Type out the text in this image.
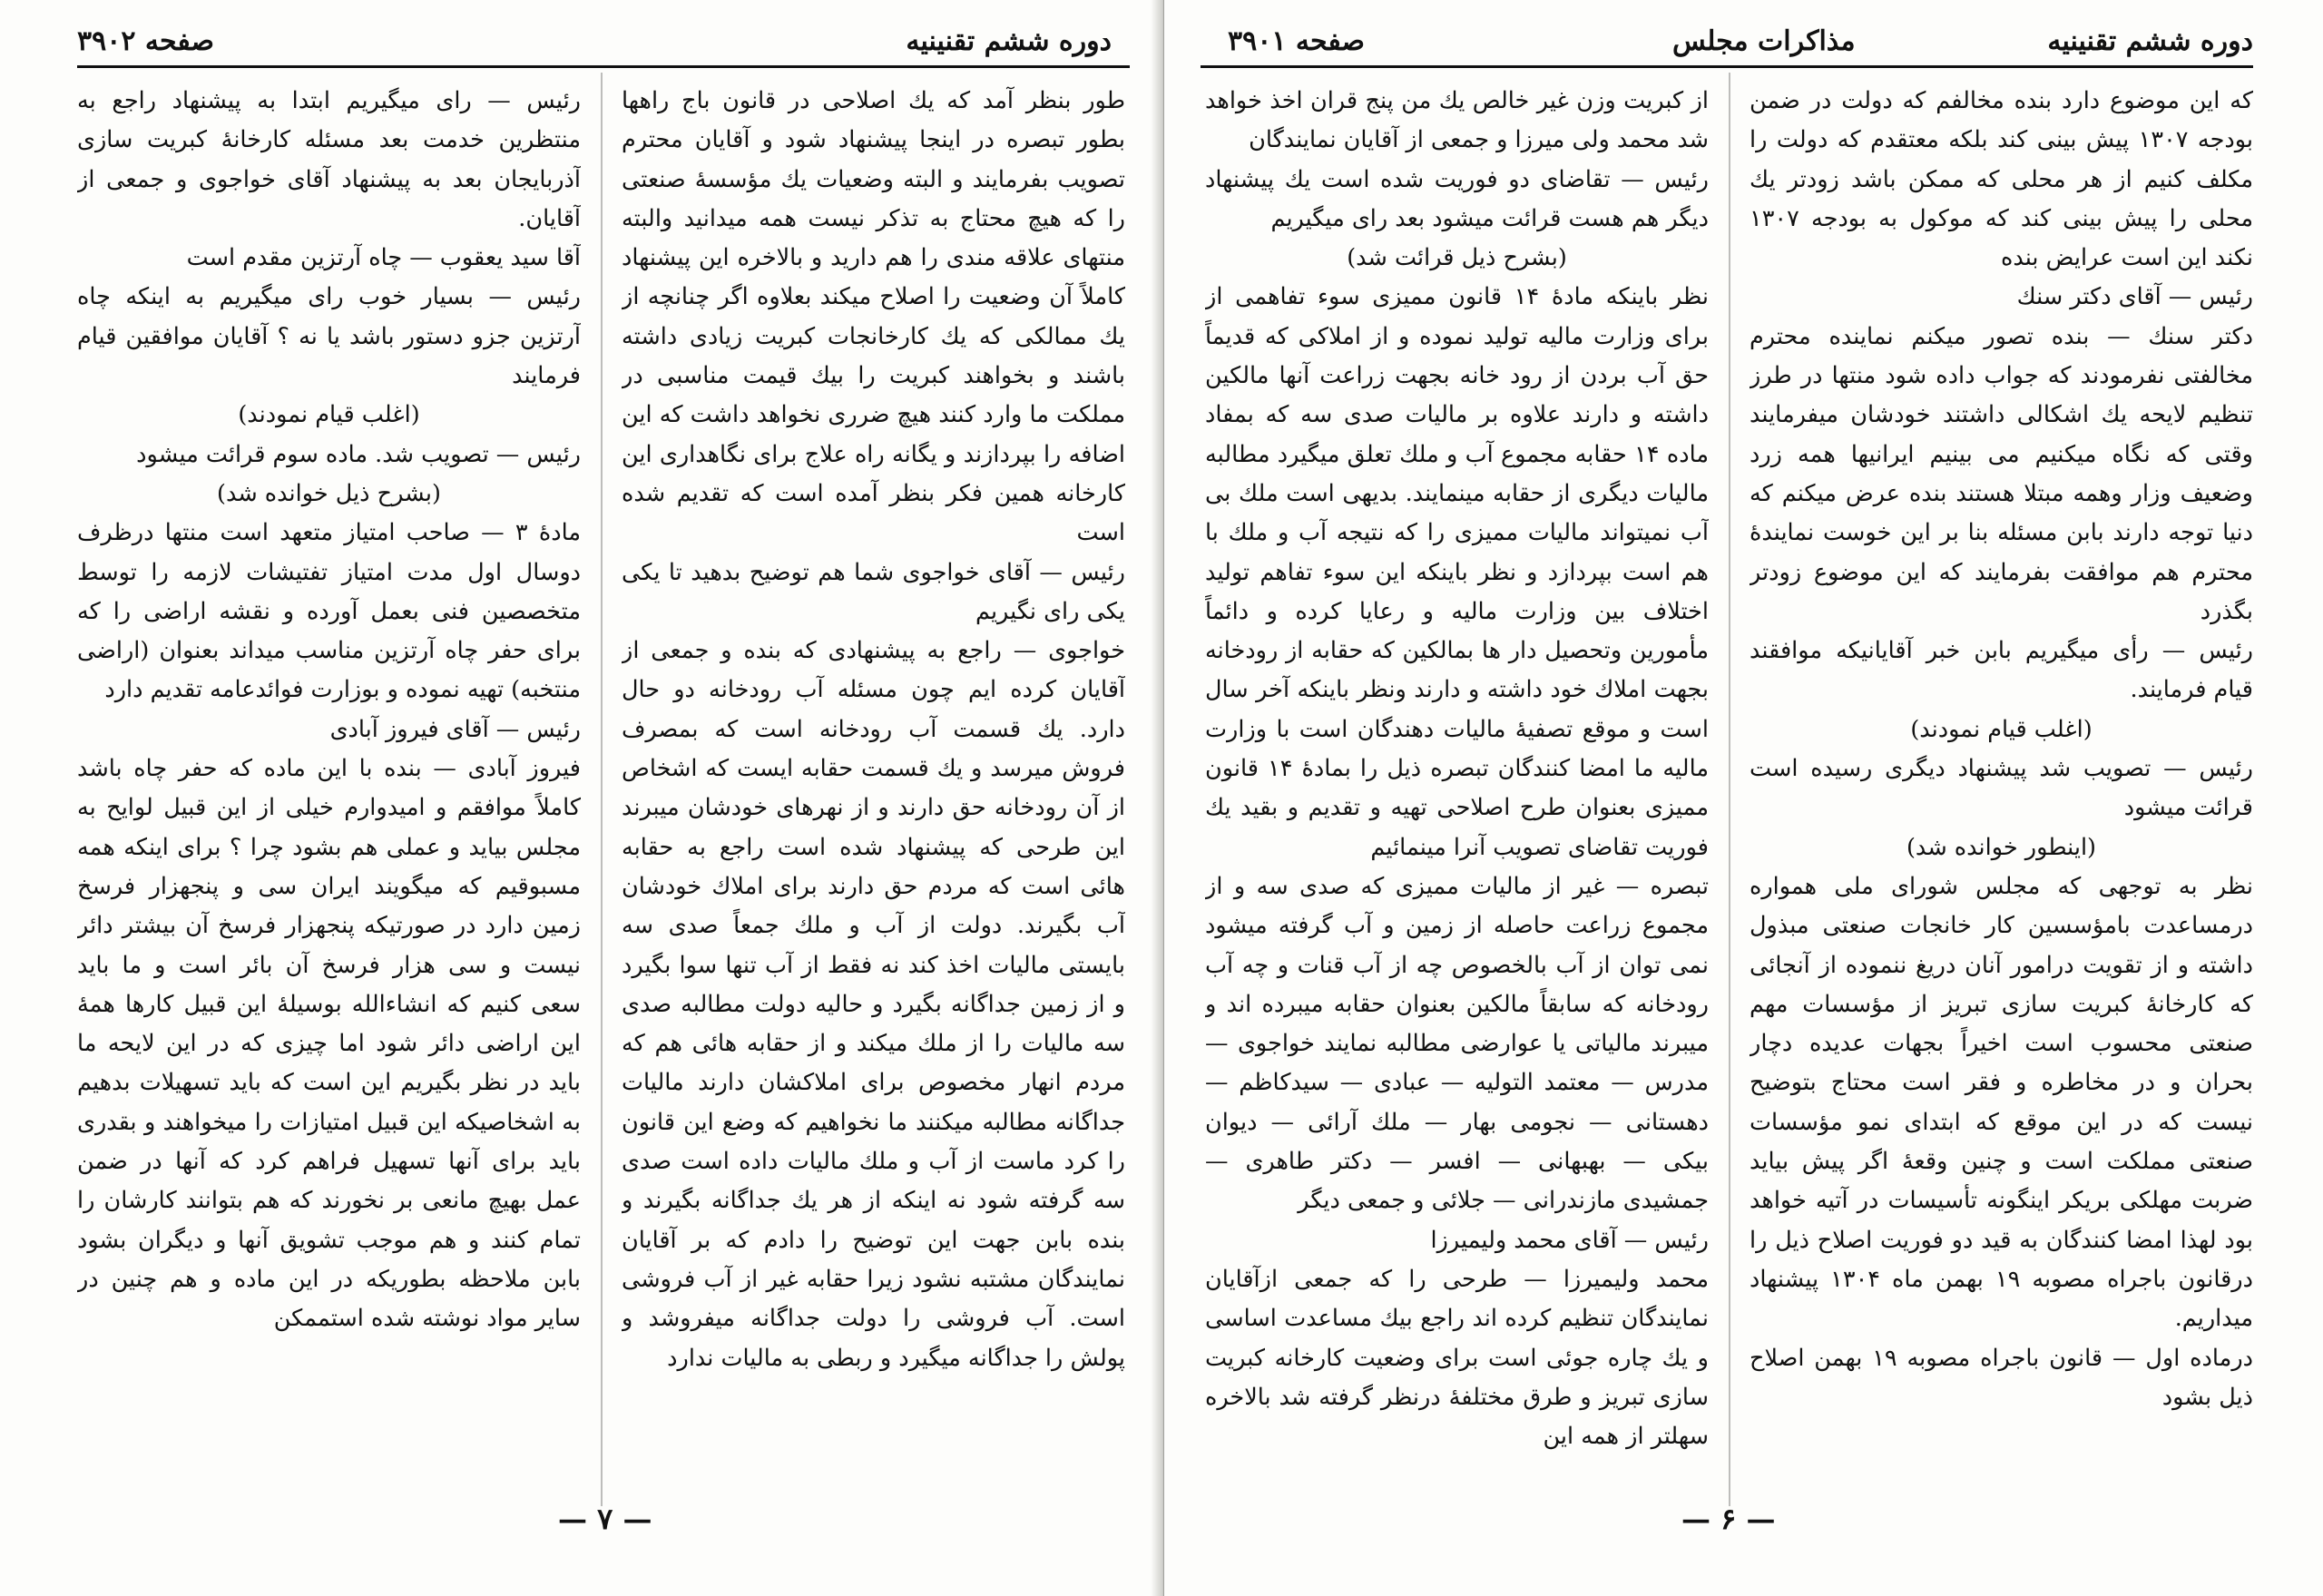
صفحه ۳۹۰۲	دوره ششم تقنینیه

طور بنظر آمد که یك اصلاحی در قانون باج راهها بطور تبصره در اینجا پیشنهاد شود و آقایان محترم تصویب بفرمایند و البته وضعیات یك مؤسسهٔ صنعتی را که هیچ محتاج به تذکر نیست همه میدانید والبته منتهای علاقه مندی را هم دارید و بالاخره این پیشنهاد کاملاً آن وضعیت را اصلاح میکند بعلاوه اگر چنانچه از یك ممالکی که یك کارخانجات کبریت زیادی داشته باشند و بخواهند کبریت را بیك قیمت مناسبی در مملکت ما وارد کنند هیچ ضرری نخواهد داشت که این اضافه را بپردازند و یگانه راه علاج برای نگاهداری این کارخانه همین فکر بنظر آمده است که تقدیم شده است

رئیس — آقای خواجوی شما هم توضیح بدهید تا یکی یکی رای نگیریم

خواجوی — راجع به پیشنهادی که بنده و جمعی از آقایان کرده ایم چون مسئله آب رودخانه دو حال دارد. یك قسمت آب رودخانه است که بمصرف فروش میرسد و یك قسمت حقابه ایست که اشخاص از آن رودخانه حق دارند و از نهرهای خودشان میبرند این طرحی که پیشنهاد شده است راجع به حقابه هائی است که مردم حق دارند برای املاك خودشان آب بگیرند. دولت از آب و ملك جمعاً صدی سه بایستی مالیات اخذ کند نه فقط از آب تنها سوا بگیرد و از زمین جداگانه بگیرد و حالیه دولت مطالبه صدی سه مالیات را از ملك میکند و از حقابه هائی هم که مردم انهار مخصوص برای املاکشان دارند مالیات جداگانه مطالبه میکنند ما نخواهیم که وضع این قانون را کرد ماست از آب و ملك مالیات داده است صدی سه گرفته شود نه اینکه از هر یك جداگانه بگیرند و بنده بابن جهت این توضیح را دادم که بر آقایان نمایندگان مشتبه نشود زیرا حقابه غیر از آب فروشی است. آب فروشی را دولت جداگانه میفروشد و پولش را جداگانه میگیرد و ربطی به مالیات ندارد

رئیس — رای میگیریم ابتدا به پیشنهاد راجع به منتظرین خدمت بعد مسئله کارخانهٔ کبریت سازی آذربایجان بعد به پیشنهاد آقای خواجوی و جمعی از آقایان.

آقا سید یعقوب — چاه آرتزین مقدم است

رئیس — بسیار خوب رای میگیریم به اینکه چاه آرتزین جزو دستور باشد یا نه ؟ آقایان موافقین قیام فرمایند

(اغلب قیام نمودند)

رئیس — تصویب شد. ماده سوم قرائت میشود

(بشرح ذیل خوانده شد)

مادهٔ ۳ — صاحب امتیاز متعهد است منتها درظرف دوسال اول مدت امتیاز تفتیشات لازمه را توسط متخصصین فنی بعمل آورده و نقشه اراضی را که برای حفر چاه آرتزین مناسب میداند بعنوان (اراضی منتخبه) تهیه نموده و بوزارت فوائدعامه تقدیم دارد

رئیس — آقای فیروز آبادی

فیروز آبادی — بنده با این ماده که حفر چاه باشد کاملاً موافقم و امیدوارم خیلی از این قبیل لوایح به مجلس بیاید و عملی هم بشود چرا ؟ برای اینکه همه مسبوقیم که میگویند ایران سی و پنجهزار فرسخ زمین دارد در صورتیکه پنجهزار فرسخ آن بیشتر دائر نیست و سی هزار فرسخ آن بائر است و ما باید سعی کنیم که انشاءالله بوسیلهٔ این قبیل کارها همهٔ این اراضی دائر شود اما چیزی که در این لایحه ما باید در نظر بگیریم این است که باید تسهیلات بدهیم به اشخاصیکه این قبیل امتیازات را میخواهند و بقدری باید برای آنها تسهیل فراهم کرد که آنها در ضمن عمل بهیچ مانعی بر نخورند که هم بتوانند کارشان را تمام کنند و هم موجب تشویق آنها و دیگران بشود بابن ملاحظه بطوریکه در این ماده و هم چنین در سایر مواد نوشته شده استممکن

— ۷ —
صفحه ۳۹۰۱	مذاکرات مجلس	دوره ششم تقنینیه

که این موضوع دارد بنده مخالفم که دولت در ضمن بودجه ۱۳۰۷ پیش بینی کند بلکه معتقدم که دولت را مکلف کنیم از هر محلی که ممکن باشد زودتر یك محلی را پیش بینی کند که موکول به بودجه ۱۳۰۷ نکند این است عرایض بنده

رئیس — آقای دکتر سنك

دکتر سنك — بنده تصور میکنم نماینده محترم مخالفتی نفرمودند که جواب داده شود منتها در طرز تنظیم لایحه یك اشکالی داشتند خودشان میفرمایند وقتی که نگاه میکنیم می بینیم ایرانیها همه زرد وضعیف وزار وهمه مبتلا هستند بنده عرض میکنم که دنیا توجه دارند بابن مسئله بنا بر این خوست نمایندهٔ محترم هم موافقت بفرمایند که این موضوع زودتر بگذرد

رئیس — رأی میگیریم بابن خبر آقایانیکه موافقند قیام فرمایند.

(اغلب قیام نمودند)

رئیس — تصویب شد پیشنهاد دیگری رسیده است قرائت میشود

(اینطور خوانده شد)

نظر به توجهی که مجلس شورای ملی همواره درمساعدت بامؤسسین کار خانجات صنعتی مبذول داشته و از تقویت درامور آنان دریغ ننموده از آنجائی که کارخانهٔ کبریت سازی تبریز از مؤسسات مهم صنعتی محسوب است اخیراً بجهات عدیده دچار بحران و در مخاطره و فقر است محتاج بتوضیح نیست که در این موقع که ابتدای نمو مؤسسات صنعتی مملکت است و چنین وقعهٔ اگر پیش بیاید ضربت مهلکی بریکر اینگونه تأسیسات در آتیه خواهد بود لهذا امضا کنندگان به قید دو فوریت اصلاح ذیل را درقانون باجراه مصوبه ۱۹ بهمن ماه ۱۳۰۴ پیشنهاد میداریم.

درماده اول — قانون باجراه مصوبه ۱۹ بهمن اصلاح ذیل بشود

از کبریت وزن غیر خالص یك من پنج قران اخذ خواهد شد محمد ولی میرزا و جمعی از آقایان نمایندگان

رئیس — تقاضای دو فوریت شده است یك پیشنهاد دیگر هم هست قرائت میشود بعد رای میگیریم

(بشرح ذیل قرائت شد)

نظر باینکه مادهٔ ۱۴ قانون ممیزی سوء تفاهمی از برای وزارت مالیه تولید نموده و از املاکی که قدیماً حق آب بردن از رود خانه بجهت زراعت آنها مالکین داشته و دارند علاوه بر مالیات صدی سه که بمفاد ماده ۱۴ حقابه مجموع آب و ملك تعلق میگیرد مطالبه مالیات دیگری از حقابه مینمایند. بدیهی است ملك بی آب نمیتواند مالیات ممیزی را که نتیجه آب و ملك با هم است بپردازد و نظر باینکه این سوء تفاهم تولید اختلاف بین وزارت مالیه و رعایا کرده و دائماً مأمورین وتحصیل دار ها بمالکین که حقابه از رودخانه بجهت املاك خود داشته و دارند ونظر باینکه آخر سال است و موقع تصفیهٔ مالیات دهندگان است با وزارت مالیه ما امضا کنندگان تبصره ذیل را بمادهٔ ۱۴ قانون ممیزی بعنوان طرح اصلاحی تهیه و تقدیم و بقید یك فوریت تقاضای تصویب آنرا مینمائیم

تبصره — غیر از مالیات ممیزی که صدی سه و از مجموع زراعت حاصله از زمین و آب گرفته میشود نمی توان از آب بالخصوص چه از آب قنات و چه آب رودخانه که سابقاً مالکین بعنوان حقابه میبرده اند و میبرند مالیاتی یا عوارضی مطالبه نمایند خواجوی — مدرس — معتمد التولیه — عبادی — سیدکاظم — دهستانی — نجومی بهار — ملك آرائی — دیوان بیکی — بهبهانی — افسر — دکتر طاهری — جمشیدی مازندرانی — جلائی و جمعی دیگر

رئیس — آقای محمد ولیمیرزا

محمد ولیمیرزا — طرحی را که جمعی ازآقایان نمایندگان تنظیم کرده اند راجع بیك مساعدت اساسی و یك چاره جوئی است برای وضعیت کارخانه کبریت سازی تبریز و طرق مختلفهٔ درنظر گرفته شد بالاخره سهلتر از همه این

— ۶ —
